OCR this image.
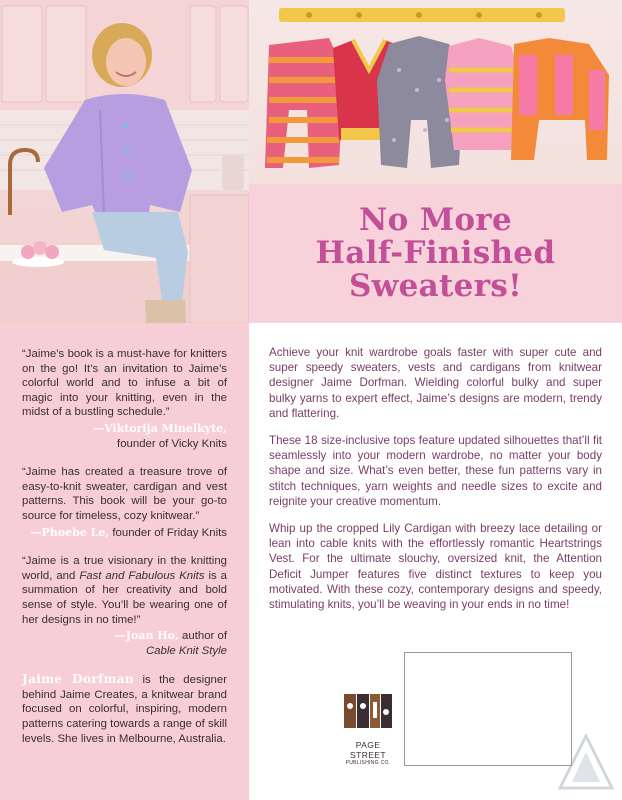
No More
Half-Finished
Sweaters!

“Jaime’s book is a must-have for knitters on the go! It’s an invitation to Jaime’s colorful world and to infuse a bit of magic into your knitting, even in the midst of a bustling schedule.”

—Viktorija Minelkyte,
founder of Vicky Knits

“Jaime has created a treasure trove of easy-to-knit sweater, cardigan and vest patterns. This book will be your go-to source for timeless, cozy knitwear.”

—Phoebe Le, founder of Friday Knits

“Jaime is a true visionary in the knitting world, and Fast and Fabulous Knits is a summation of her creativity and bold sense of style. You’ll be wearing one of her designs in no time!”

—Joan Ho, author of
Cable Knit Style

Jaime Dorfman is the designer behind Jaime Creates, a knitwear brand focused on colorful, inspiring, modern patterns catering towards a range of skill levels. She lives in Melbourne, Australia.

Achieve your knit wardrobe goals faster with super cute and super speedy sweaters, vests and cardigans from knitwear designer Jaime Dorfman. Wielding colorful bulky and super bulky yarns to expert effect, Jaime’s designs are modern, trendy and flattering.

These 18 size-inclusive tops feature updated silhouettes that’ll fit seamlessly into your modern wardrobe, no matter your body shape and size. What’s even better, these fun patterns vary in stitch techniques, yarn weights and needle sizes to excite and reignite your creative momentum.

Whip up the cropped Lily Cardigan with breezy lace detailing or lean into cable knits with the effortlessly romantic Heartstrings Vest. For the ultimate slouchy, oversized knit, the Attention Deficit Jumper features five distinct textures to keep you motivated. With these cozy, contemporary designs and speedy, stimulating knits, you’ll be weaving in your ends in no time!

PAGE STREET
PUBLISHING CO.
